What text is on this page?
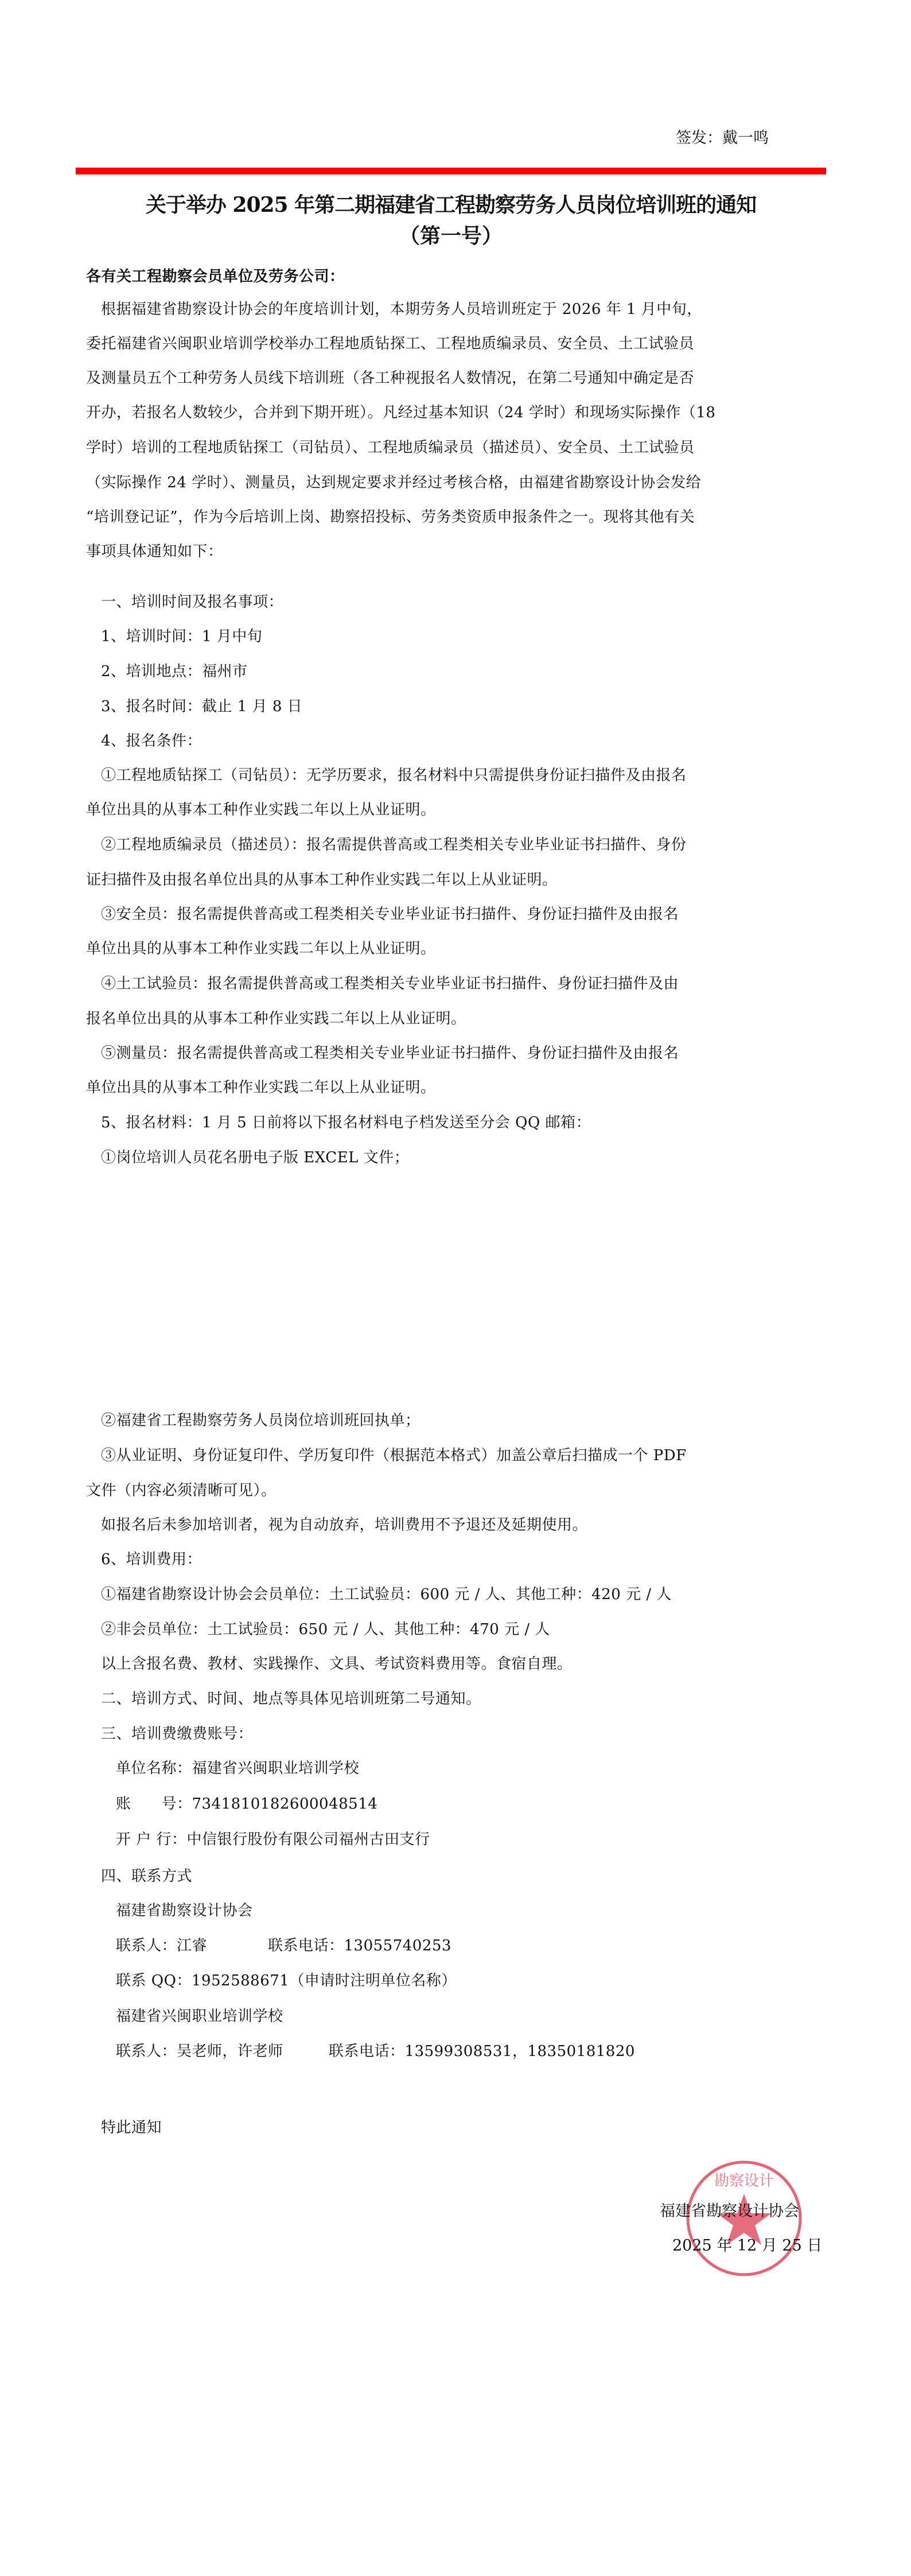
签发：戴一鸣
关于举办 2025 年第二期福建省工程勘察劳务人员岗位培训班的通知
（第一号）
各有关工程勘察会员单位及劳务公司：
根据福建省勘察设计协会的年度培训计划，本期劳务人员培训班定于 2026 年 1 月中旬，
委托福建省兴闽职业培训学校举办工程地质钻探工、工程地质编录员、安全员、土工试验员
及测量员五个工种劳务人员线下培训班（各工种视报名人数情况，在第二号通知中确定是否
开办，若报名人数较少，合并到下期开班）。凡经过基本知识（24 学时）和现场实际操作（18
学时）培训的工程地质钻探工（司钻员）、工程地质编录员（描述员）、安全员、土工试验员
（实际操作 24 学时）、测量员，达到规定要求并经过考核合格，由福建省勘察设计协会发给
“培训登记证”，作为今后培训上岗、勘察招投标、劳务类资质申报条件之一。现将其他有关
事项具体通知如下：
一、培训时间及报名事项：
1、培训时间：1 月中旬
2、培训地点：福州市
3、报名时间：截止 1 月 8 日
4、报名条件：
①工程地质钻探工（司钻员）：无学历要求，报名材料中只需提供身份证扫描件及由报名
单位出具的从事本工种作业实践二年以上从业证明。
②工程地质编录员（描述员）：报名需提供普高或工程类相关专业毕业证书扫描件、身份
证扫描件及由报名单位出具的从事本工种作业实践二年以上从业证明。
③安全员：报名需提供普高或工程类相关专业毕业证书扫描件、身份证扫描件及由报名
单位出具的从事本工种作业实践二年以上从业证明。
④土工试验员：报名需提供普高或工程类相关专业毕业证书扫描件、身份证扫描件及由
报名单位出具的从事本工种作业实践二年以上从业证明。
⑤测量员：报名需提供普高或工程类相关专业毕业证书扫描件、身份证扫描件及由报名
单位出具的从事本工种作业实践二年以上从业证明。
5、报名材料：1 月 5 日前将以下报名材料电子档发送至分会 QQ 邮箱：
①岗位培训人员花名册电子版 EXCEL 文件；
②福建省工程勘察劳务人员岗位培训班回执单；
③从业证明、身份证复印件、学历复印件（根据范本格式）加盖公章后扫描成一个 PDF
文件（内容必须清晰可见）。
如报名后未参加培训者，视为自动放弃，培训费用不予退还及延期使用。
6、培训费用：
①福建省勘察设计协会会员单位：土工试验员：600 元 / 人、其他工种：420 元 / 人
②非会员单位：土工试验员：650 元 / 人、其他工种：470 元 / 人
以上含报名费、教材、实践操作、文具、考试资料费用等。食宿自理。
二、培训方式、时间、地点等具体见培训班第二号通知。
三、培训费缴费账号：
单位名称：福建省兴闽职业培训学校
账　　号：7341810182600048514
开 户 行：中信银行股份有限公司福州古田支行
四、联系方式
福建省勘察设计协会
联系人：江睿　　　　联系电话：13055740253
联系 QQ：1952588671（申请时注明单位名称）
福建省兴闽职业培训学校
联系人：吴老师，许老师　　　联系电话：13599308531，18350181820
特此通知
勘察设计
福建省勘察设计协会
2025 年 12 月 25 日
